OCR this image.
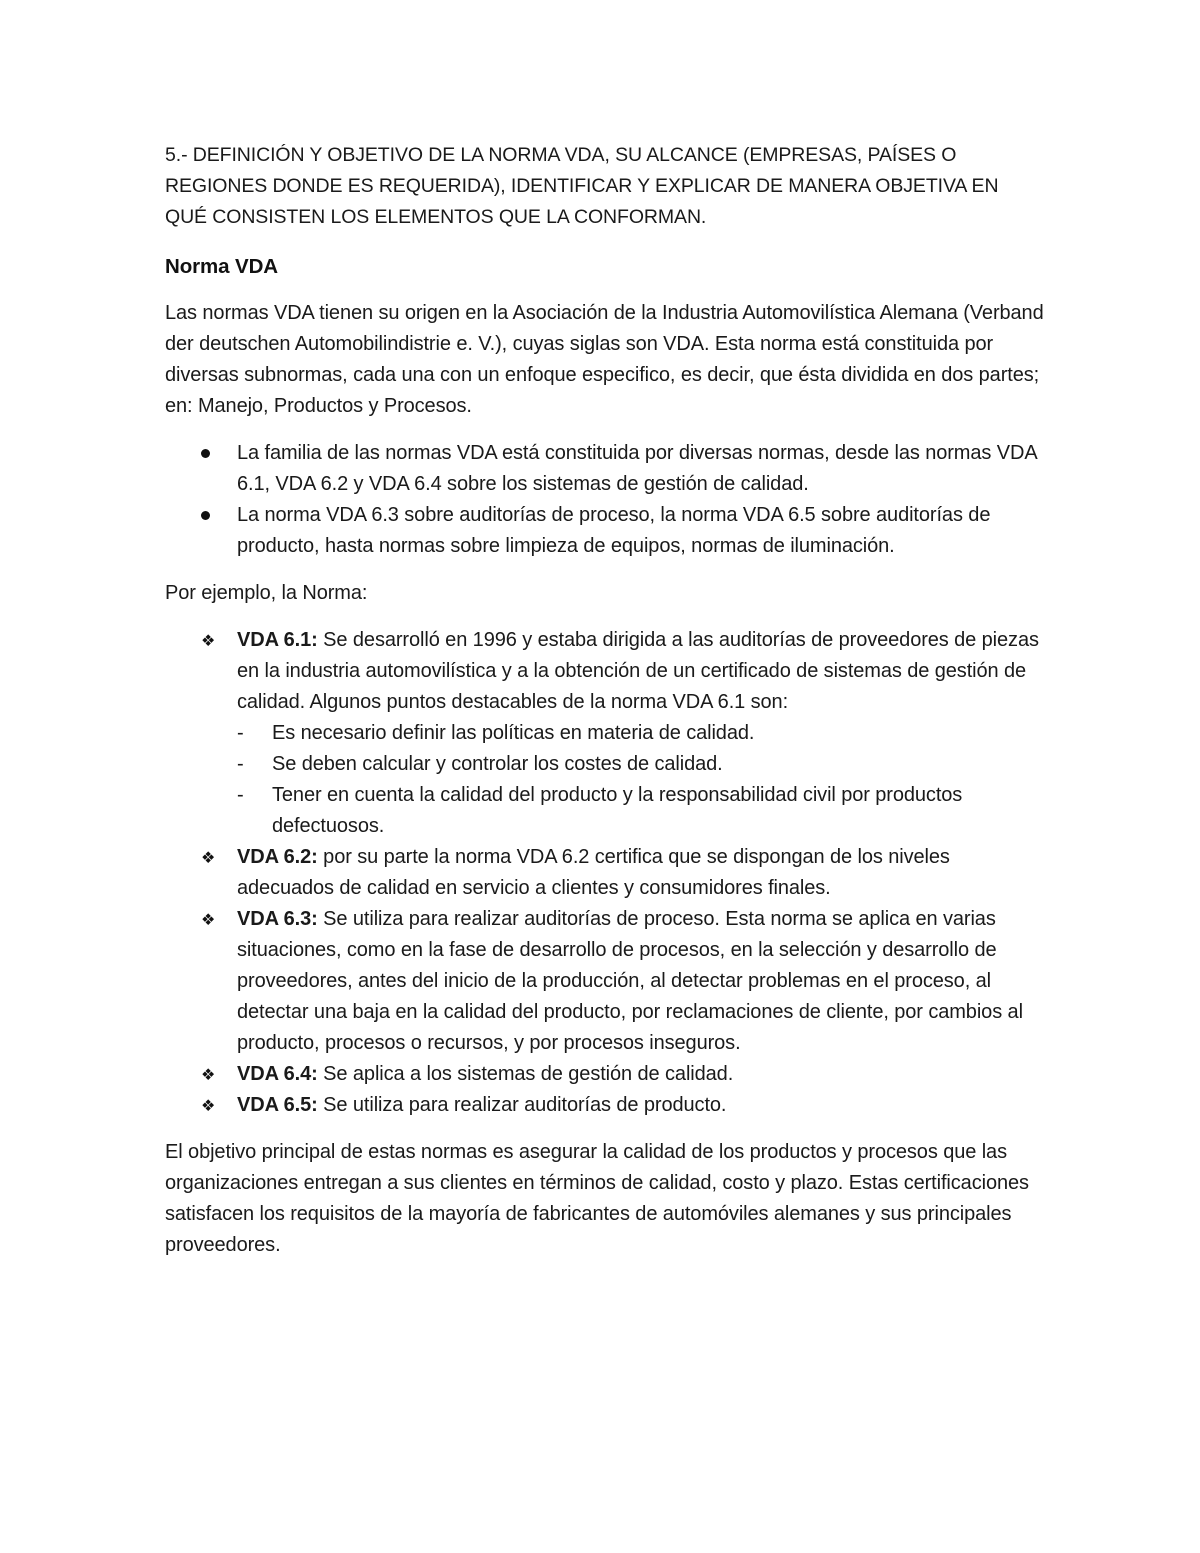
5.- DEFINICIÓN Y OBJETIVO DE LA NORMA VDA, SU ALCANCE (EMPRESAS, PAÍSES O REGIONES DONDE ES REQUERIDA), IDENTIFICAR Y EXPLICAR DE MANERA OBJETIVA EN QUÉ CONSISTEN LOS ELEMENTOS QUE LA CONFORMAN.

Norma VDA

Las normas VDA tienen su origen en la Asociación de la Industria Automovilística Alemana (Verband der deutschen Automobilindistrie e. V.), cuyas siglas son VDA. Esta norma está constituida por diversas subnormas, cada una con un enfoque especifico, es decir, que ésta dividida en dos partes; en: Manejo, Productos y Procesos.

La familia de las normas VDA está constituida por diversas normas, desde las normas VDA 6.1, VDA 6.2 y VDA 6.4 sobre los sistemas de gestión de calidad.
La norma VDA 6.3 sobre auditorías de proceso, la norma VDA 6.5 sobre auditorías de producto, hasta normas sobre limpieza de equipos, normas de iluminación.

Por ejemplo, la Norma:

❖ VDA 6.1: Se desarrolló en 1996 y estaba dirigida a las auditorías de proveedores de piezas en la industria automovilística y a la obtención de un certificado de sistemas de gestión de calidad. Algunos puntos destacables de la norma VDA 6.1 son:
- Es necesario definir las políticas en materia de calidad.
- Se deben calcular y controlar los costes de calidad.
- Tener en cuenta la calidad del producto y la responsabilidad civil por productos defectuosos.
❖ VDA 6.2: por su parte la norma VDA 6.2 certifica que se dispongan de los niveles adecuados de calidad en servicio a clientes y consumidores finales.
❖ VDA 6.3: Se utiliza para realizar auditorías de proceso. Esta norma se aplica en varias situaciones, como en la fase de desarrollo de procesos, en la selección y desarrollo de proveedores, antes del inicio de la producción, al detectar problemas en el proceso, al detectar una baja en la calidad del producto, por reclamaciones de cliente, por cambios al producto, procesos o recursos, y por procesos inseguros.
❖ VDA 6.4: Se aplica a los sistemas de gestión de calidad.
❖ VDA 6.5: Se utiliza para realizar auditorías de producto.

El objetivo principal de estas normas es asegurar la calidad de los productos y procesos que las organizaciones entregan a sus clientes en términos de calidad, costo y plazo. Estas certificaciones satisfacen los requisitos de la mayoría de fabricantes de automóviles alemanes y sus principales proveedores.
